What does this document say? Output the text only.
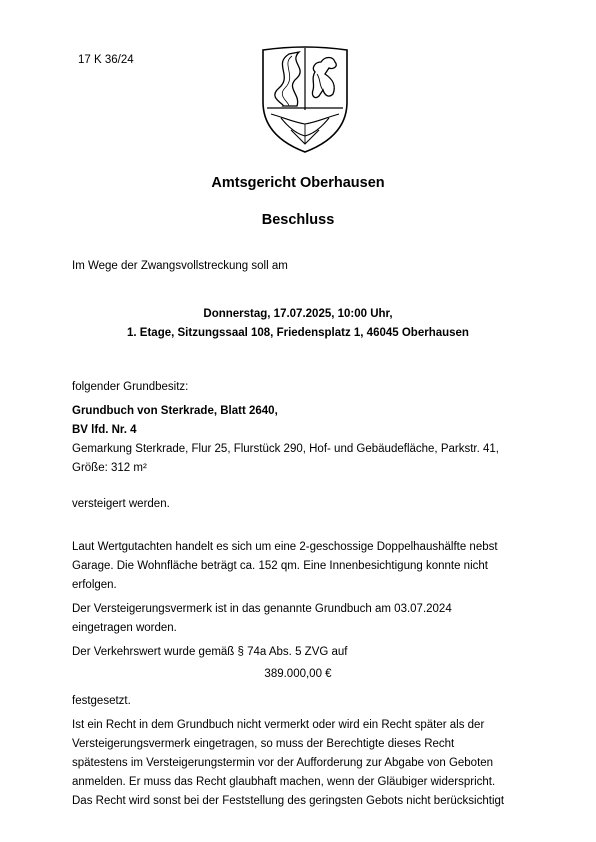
17 K 36/24
Amtsgericht Oberhausen
Beschluss
Im Wege der Zwangsvollstreckung soll am
Donnerstag, 17.07.2025, 10:00 Uhr,
1. Etage, Sitzungssaal 108, Friedensplatz 1, 46045 Oberhausen
folgender Grundbesitz:
Grundbuch von Sterkrade, Blatt 2640,
BV lfd. Nr. 4
Gemarkung Sterkrade, Flur 25, Flurstück 290, Hof- und Gebäudefläche, Parkstr. 41,
Größe: 312 m²
versteigert werden.
Laut Wertgutachten handelt es sich um eine 2-geschossige Doppelhaushälfte nebst
Garage. Die Wohnfläche beträgt ca. 152 qm. Eine Innenbesichtigung konnte nicht
erfolgen.
Der Versteigerungsvermerk ist in das genannte Grundbuch am 03.07.2024
eingetragen worden.
Der Verkehrswert wurde gemäß § 74a Abs. 5 ZVG auf
389.000,00 €
festgesetzt.
Ist ein Recht in dem Grundbuch nicht vermerkt oder wird ein Recht später als der
Versteigerungsvermerk eingetragen, so muss der Berechtigte dieses Recht
spätestens im Versteigerungstermin vor der Aufforderung zur Abgabe von Geboten
anmelden. Er muss das Recht glaubhaft machen, wenn der Gläubiger widerspricht.
Das Recht wird sonst bei der Feststellung des geringsten Gebots nicht berücksichtigt
